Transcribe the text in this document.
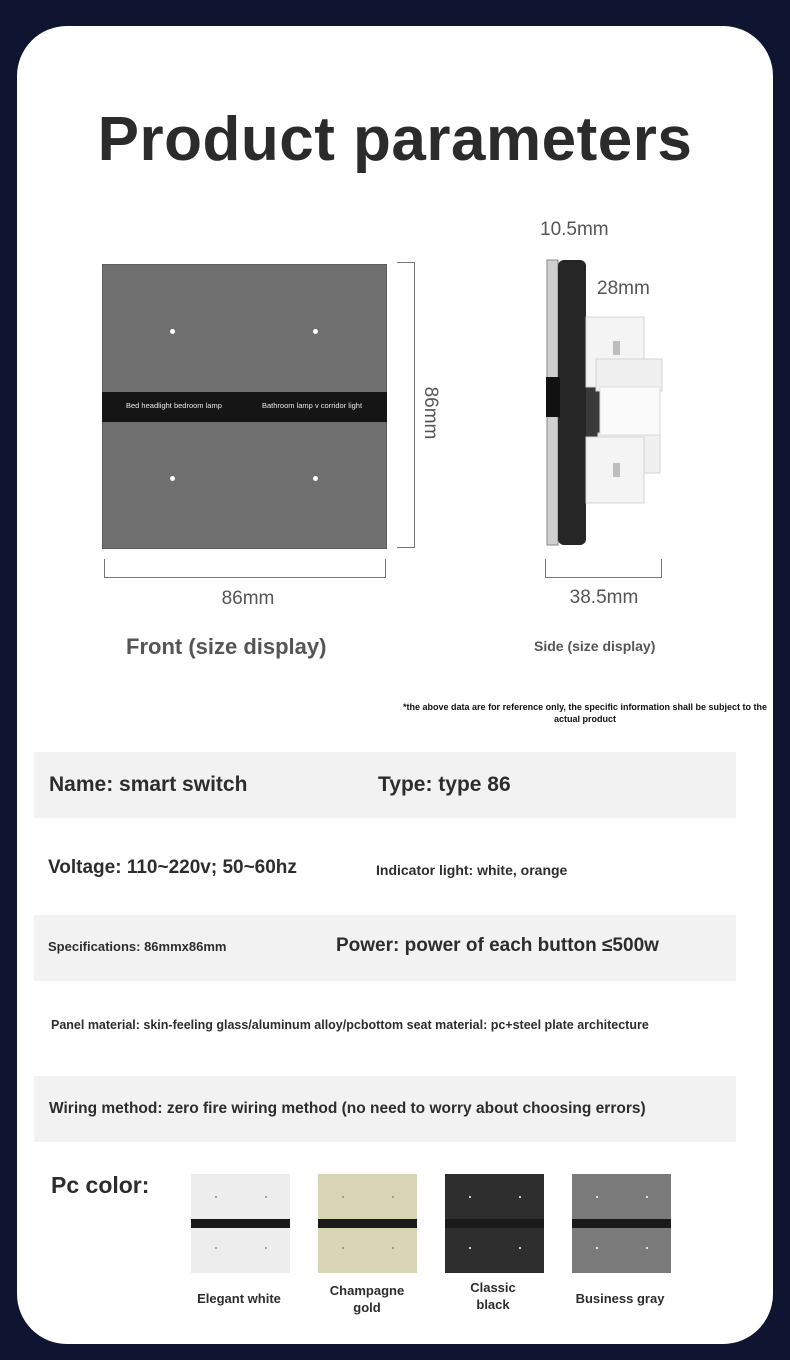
Product parameters
Bed headlight bedroom lamp	Bathroom lamp v corridor light	86mm
86mm
Front (size display)
10.5mm
28mm
38.5mm
Side (size display)
*the above data are for reference only, the specific information shall be subject to the actual product
Name: smart switch	Type: type 86
Voltage: 110~220v; 50~60hz	Indicator light: white, orange
Specifications: 86mmx86mm	Power: power of each button ≤500w
Panel material: skin-feeling glass/aluminum alloy/pcbottom seat material: pc+steel plate architecture
Wiring method: zero fire wiring method (no need to worry about choosing errors)
Pc color:
Elegant white
Champagne gold
Classic black	Business gray
